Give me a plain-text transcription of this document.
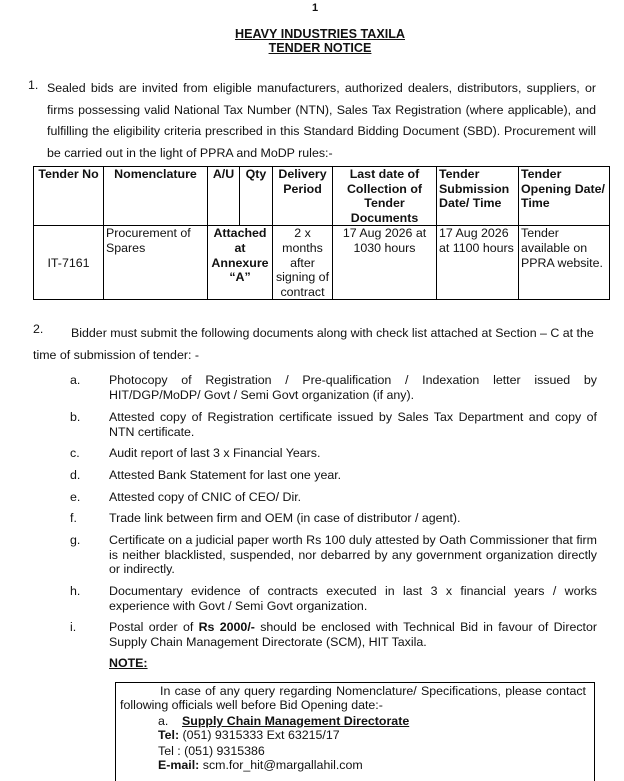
1
HEAVY INDUSTRIES TAXILA
TENDER NOTICE
1. Sealed bids are invited from eligible manufacturers, authorized dealers, distributors, suppliers, or firms possessing valid National Tax Number (NTN), Sales Tax Registration (where applicable), and fulfilling the eligibility criteria prescribed in this Standard Bidding Document (SBD). Procurement will be carried out in the light of PPRA and MoDP rules:-
Tender No	Nomenclature	A/U	Qty	Delivery Period	Last date of Collection of Tender Documents	Tender Submission Date/ Time	Tender Opening Date/ Time
IT-7161	Procurement of Spares	Attached at Annexure “A”		2 x months after signing of contract	17 Aug 2026 at 1030 hours	17 Aug 2026 at 1100 hours	Tender available on PPRA website.
2.	Bidder must submit the following documents along with check list attached at Section – C at the time of submission of tender: -
a. Photocopy of Registration / Pre-qualification / Indexation letter issued by HIT/DGP/MoDP/ Govt / Semi Govt organization (if any).
b. Attested copy of Registration certificate issued by Sales Tax Department and copy of NTN certificate.
c. Audit report of last 3 x Financial Years.
d. Attested Bank Statement for last one year.
e. Attested copy of CNIC of CEO/ Dir.
f.	Trade link between firm and OEM (in case of distributor / agent).
g. Certificate on a judicial paper worth Rs 100 duly attested by Oath Commissioner that firm is neither blacklisted, suspended, nor debarred by any government organization directly or indirectly.
h. Documentary evidence of contracts executed in last 3 x financial years / works experience with Govt / Semi Govt organization.
i.	Postal order of Rs 2000/- should be enclosed with Technical Bid in favour of Director Supply Chain Management Directorate (SCM), HIT Taxila.
NOTE:
In case of any query regarding Nomenclature/ Specifications, please contact following officials well before Bid Opening date:-
a. Supply Chain Management Directorate
Tel: (051) 9315333 Ext 63215/17
Tel : (051) 9315386
E-mail: scm.for_hit@margallahil.com
